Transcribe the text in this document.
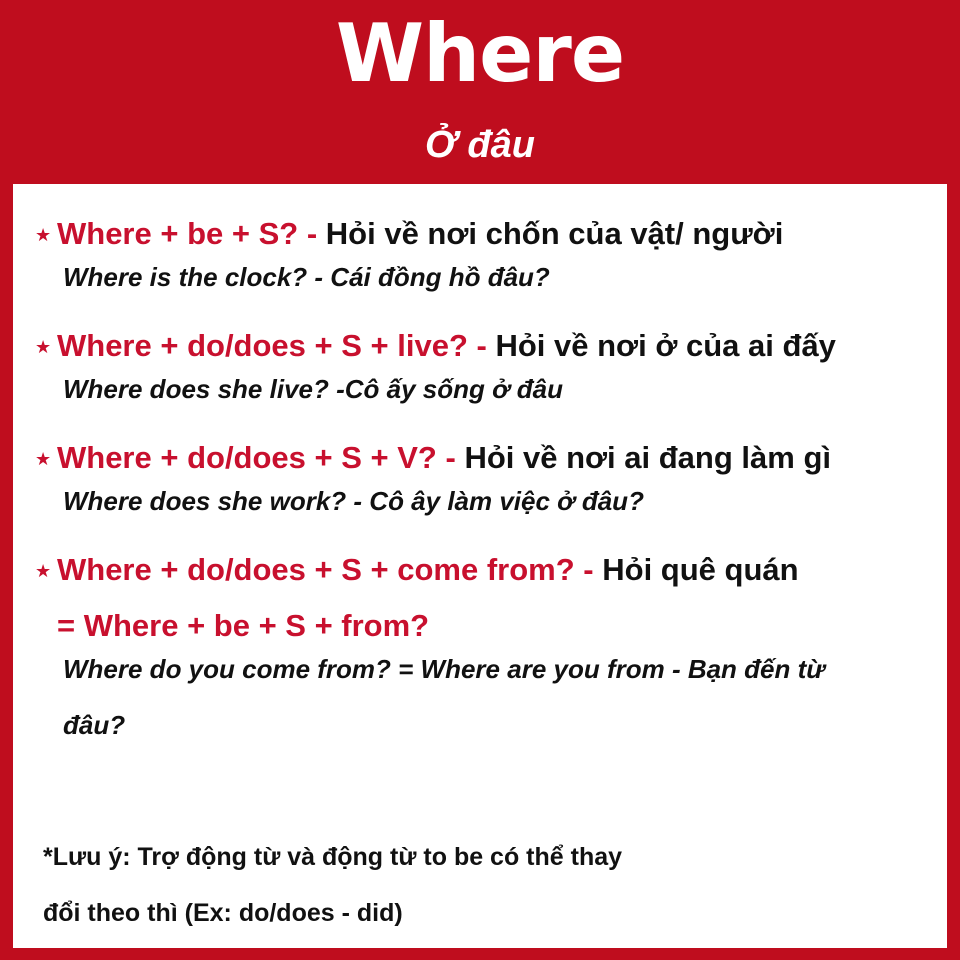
Where
Ở đâu
★ Where + be + S? - Hỏi về nơi chốn của vật/ người
Where is the clock? - Cái đồng hồ đâu?
★ Where + do/does + S + live? - Hỏi về nơi ở của ai đấy
Where does she live? -Cô ấy sống ở đâu
★ Where + do/does + S + V? - Hỏi về nơi ai đang làm gì
Where does she work? - Cô ây làm việc ở đâu?
★ Where + do/does + S + come from? - Hỏi quê quán
= Where + be + S + from?
Where do you come from? = Where are you from - Bạn đến từ
đâu?
*Lưu ý: Trợ động từ và động từ to be có thể thay
đổi theo thì (Ex: do/does - did)
